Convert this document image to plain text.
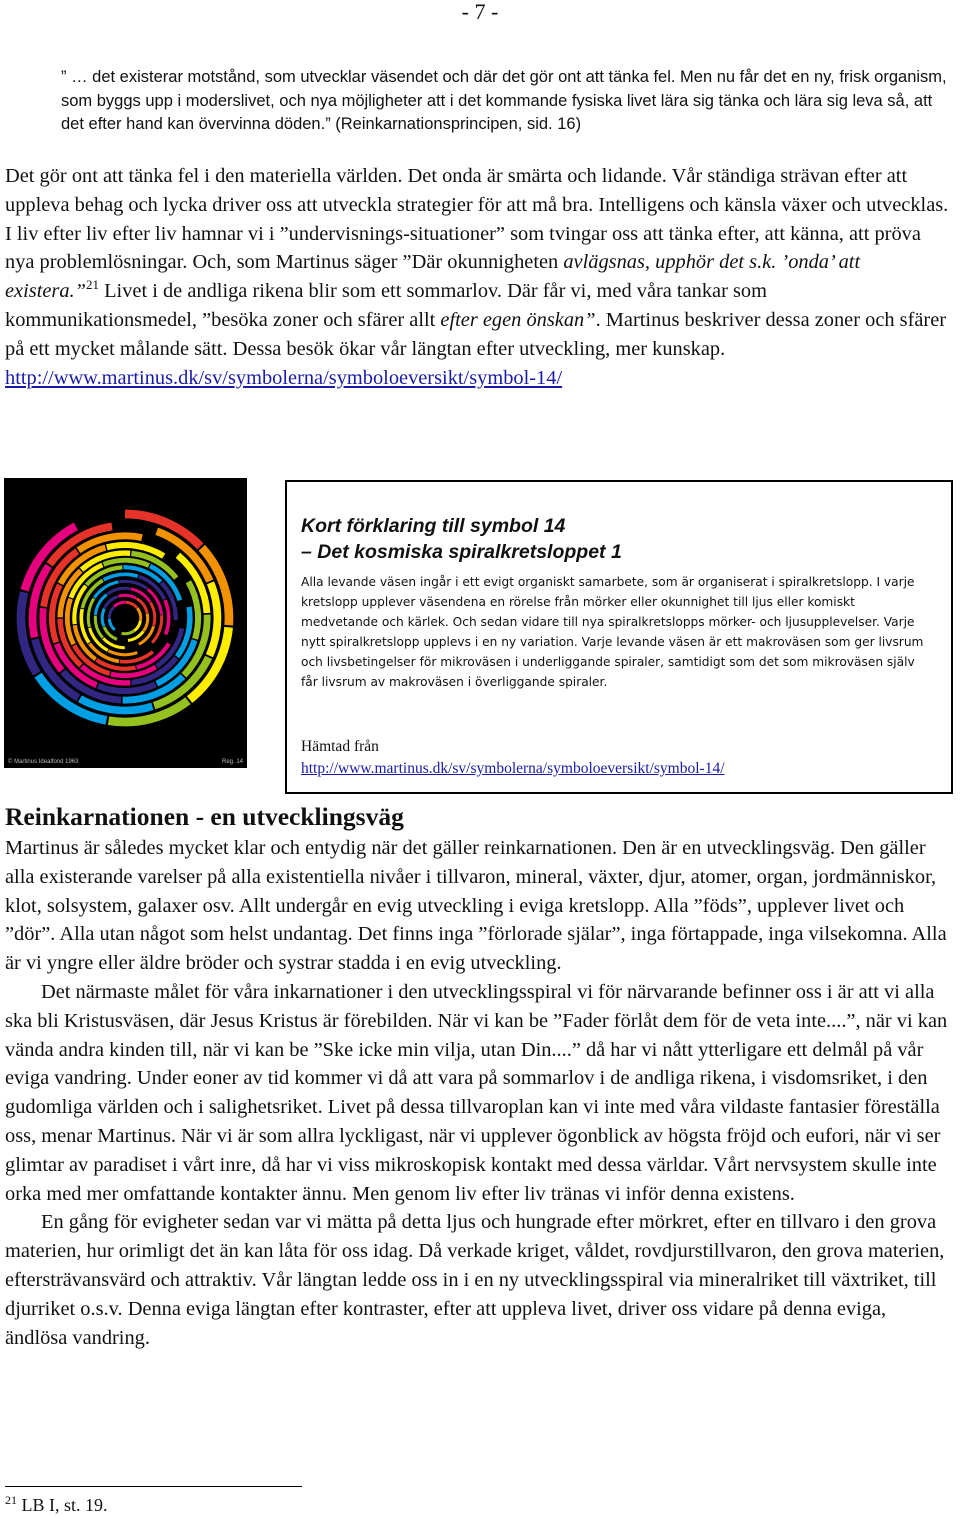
- 7 -
” … det existerar motstånd, som utvecklar väsendet och där det gör ont att tänka fel. Men nu får det en ny, frisk organism, som byggs upp i moderslivet, och nya möjligheter att i det kommande fysiska livet lära sig tänka och lära sig leva så, att det efter hand kan övervinna döden.” (Reinkarnationsprincipen, sid. 16)

Det gör ont att tänka fel i den materiella världen. Det onda är smärta och lidande. Vår ständiga strävan efter att uppleva behag och lycka driver oss att utveckla strategier för att må bra. Intelligens och känsla växer och utvecklas. I liv efter liv efter liv hamnar vi i ”undervisnings-situationer” som tvingar oss att tänka efter, att känna, att pröva nya problemlösningar. Och, som Martinus säger ”Där okunnigheten avlägsnas, upphör det s.k. ’onda’ att existera.”$^{21}$ Livet i de andliga rikena blir som ett sommarlov. Där får vi, med våra tankar som kommunikationsmedel, ”besöka zoner och sfärer allt efter egen önskan”. Martinus beskriver dessa zoner och sfärer på ett mycket målande sätt. Dessa besök ökar vår längtan efter utveckling, mer kunskap.

http://www.martinus.dk/sv/symbolerna/symboloeversikt/symbol-14/

© Martinus Idealfond 1963	Reg. 14
Kort förklaring till symbol 14
– Det kosmiska spiralkretsloppet 1
Alla levande väsen ingår i ett evigt organiskt samarbete, som är organiserat i spiralkretslopp. I varje kretslopp upplever väsendena en rörelse från mörker eller okunnighet till ljus eller komiskt medvetande och kärlek. Och sedan vidare till nya spiralkretslopps mörker- och ljusupplevelser. Varje nytt spiralkretslopp upplevs i en ny variation. Varje levande väsen är ett makroväsen som ger livsrum och livsbetingelser för mikroväsen i underliggande spiraler, samtidigt som det som mikroväsen själv får livsrum av makroväsen i överliggande spiraler.
Hämtad från
http://www.martinus.dk/sv/symbolerna/symboloeversikt/symbol-14/
Reinkarnationen - en utvecklingsväg

Martinus är således mycket klar och entydig när det gäller reinkarnationen. Den är en utvecklingsväg. Den gäller alla existerande varelser på alla existentiella nivåer i tillvaron, mineral, växter, djur, atomer, organ, jordmänniskor, klot, solsystem, galaxer osv. Allt undergår en evig utveckling i eviga kretslopp. Alla ”föds”, upplever livet och ”dör”. Alla utan något som helst undantag. Det finns inga ”förlorade själar”, inga förtappade, inga vilsekomna. Alla är vi yngre eller äldre bröder och systrar stadda i en evig utveckling.

Det närmaste målet för våra inkarnationer i den utvecklingsspiral vi för närvarande befinner oss i är att vi alla ska bli Kristusväsen, där Jesus Kristus är förebilden. När vi kan be ”Fader förlåt dem för de veta inte....”, när vi kan vända andra kinden till, när vi kan be ”Ske icke min vilja, utan Din....” då har vi nått ytterligare ett delmål på vår eviga vandring. Under eoner av tid kommer vi då att vara på sommarlov i de andliga rikena, i visdomsriket, i den gudomliga världen och i salighetsriket. Livet på dessa tillvaroplan kan vi inte med våra vildaste fantasier föreställa oss, menar Martinus. När vi är som allra lyckligast, när vi upplever ögonblick av högsta fröjd och eufori, när vi ser glimtar av paradiset i vårt inre, då har vi viss mikroskopisk kontakt med dessa världar. Vårt nervsystem skulle inte orka med mer omfattande kontakter ännu. Men genom liv efter liv tränas vi inför denna existens.

En gång för evigheter sedan var vi mätta på detta ljus och hungrade efter mörkret, efter en tillvaro i den grova materien, hur orimligt det än kan låta för oss idag. Då verkade kriget, våldet, rovdjurstillvaron, den grova materien, eftersträvansvärd och attraktiv. Vår längtan ledde oss in i en ny utvecklingsspiral via mineralriket till växtriket, till djurriket o.s.v. Denna eviga längtan efter kontraster, efter att uppleva livet, driver oss vidare på denna eviga, ändlösa vandring.

$^{21}$ LB I, st. 19.
